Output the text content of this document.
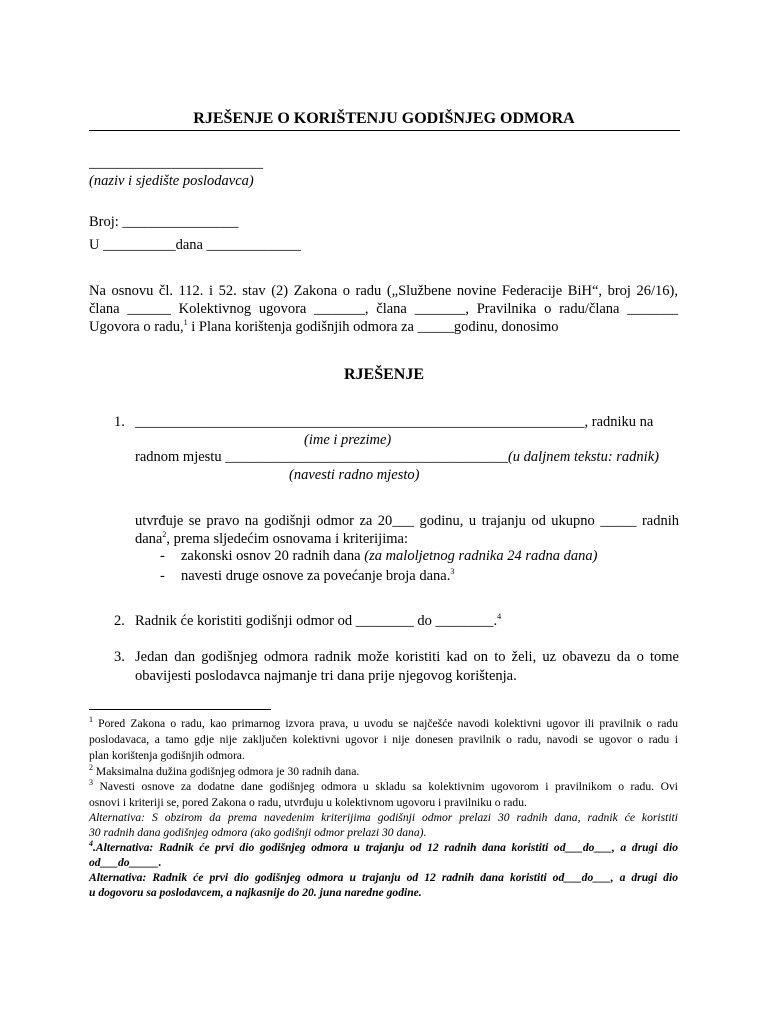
RJEŠENJE O KORIŠTENJU GODIŠNJEG ODMORA
________________________
(naziv i sjedište poslodavca)
Broj: ________________
U __________dana _____________
Na osnovu čl. 112. i 52. stav (2) Zakona o radu („Službene novine Federacije BiH“, broj 26/16),
člana ______ Kolektivnog ugovora _______, člana _______, Pravilnika o radu/člana _______
Ugovora o radu,$^1$ i Plana korištenja godišnjih odmora za _____godinu, donosimo
RJEŠENJE
1. ______________________________________________________________, radniku na
(ime i prezime)
radnom mjestu _______________________________________(u daljnem tekstu: radnik)
(navesti radno mjesto)
utvrđuje se pravo na godišnji odmor za 20___ godinu, u trajanju od ukupno _____ radnih
dana$^2$, prema sljedećim osnovama i kriterijima:
- zakonski osnov 20 radnih dana (za maloljetnog radnika 24 radna dana)
- navesti druge osnove za povećanje broja dana.$^3$
2. Radnik će koristiti godišnji odmor od ________ do ________.$^4$
3. Jedan dan godišnjeg odmora radnik može koristiti kad on to želi, uz obavezu da o tome
obavijesti poslodavca najmanje tri dana prije njegovog korištenja.
$^1$ Pored Zakona o radu, kao primarnog izvora prava, u uvodu se najčešće navodi kolektivni ugovor ili pravilnik o radu
poslodavaca, a tamo gdje nije zaključen kolektivni ugovor i nije donesen pravilnik o radu, navodi se ugovor o radu i
plan korištenja godišnjih odmora.
$^2$ Maksimalna dužina godišnjeg odmora je 30 radnih dana.
$^3$ Navesti osnove za dodatne dane godišnjeg odmora u skladu sa kolektivnim ugovorom i pravilnikom o radu. Ovi
osnovi i kriteriji se, pored Zakona o radu, utvrđuju u kolektivnom ugovoru i pravilniku o radu.
Alternativa: S obzirom da prema navedenim kriterijima godišnji odmor prelazi 30 radnih dana, radnik će koristiti
30 radnih dana godišnjeg odmora (ako godišnji odmor prelazi 30 dana).
$^4$.Alternativa: Radnik će prvi dio godišnjeg odmora u trajanju od 12 radnih dana koristiti od___do___, a drugi dio
od___do_____.
Alternativa: Radnik će prvi dio godišnjeg odmora u trajanju od 12 radnih dana koristiti od___do___, a drugi dio
u dogovoru sa poslodavcem, a najkasnije do 20. juna naredne godine.
